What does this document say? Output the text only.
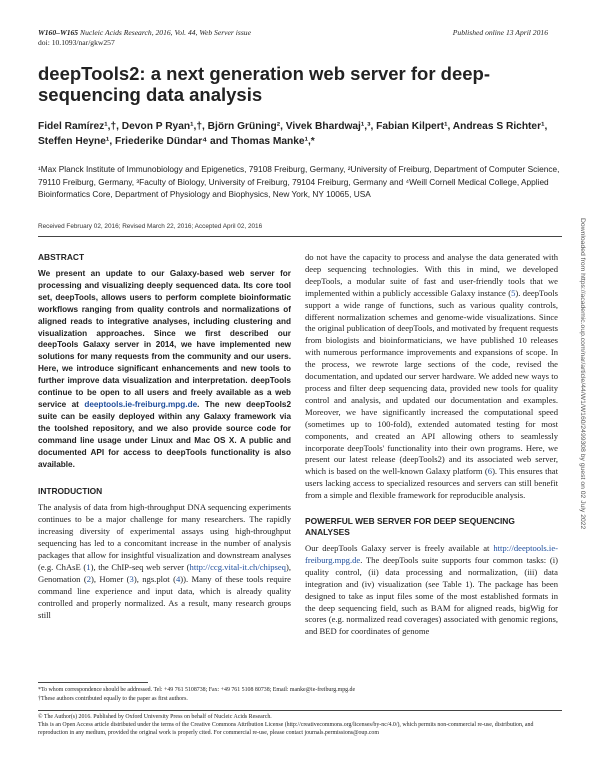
W160–W165 Nucleic Acids Research, 2016, Vol. 44, Web Server issue
doi: 10.1093/nar/gkw257
Published online 13 April 2016
deepTools2: a next generation web server for deep-sequencing data analysis
Fidel Ramírez¹,†, Devon P Ryan¹,†, Björn Grüning², Vivek Bhardwaj¹,³, Fabian Kilpert¹, Andreas S Richter¹, Steffen Heyne¹, Friederike Dündar⁴ and Thomas Manke¹,*
¹Max Planck Institute of Immunobiology and Epigenetics, 79108 Freiburg, Germany, ²University of Freiburg, Department of Computer Science, 79110 Freiburg, Germany, ³Faculty of Biology, University of Freiburg, 79104 Freiburg, Germany and ⁴Weill Cornell Medical College, Applied Bioinformatics Core, Department of Physiology and Biophysics, New York, NY 10065, USA
Received February 02, 2016; Revised March 22, 2016; Accepted April 02, 2016	Downloaded from https://academic.oup.com/nar/article/44/W1/W160/2499308 by guest on 02 July 2022
ABSTRACT

We present an update to our Galaxy-based web server for processing and visualizing deeply sequenced data. Its core tool set, deepTools, allows users to perform complete bioinformatic workflows ranging from quality controls and normalizations of aligned reads to integrative analyses, including clustering and visualization approaches. Since we first described our deepTools Galaxy server in 2014, we have implemented new solutions for many requests from the community and our users. Here, we introduce significant enhancements and new tools to further improve data visualization and interpretation. deepTools continue to be open to all users and freely available as a web service at deeptools.ie-freiburg.mpg.de. The new deepTools2 suite can be easily deployed within any Galaxy framework via the toolshed repository, and we also provide source code for command line usage under Linux and Mac OS X. A public and documented API for access to deepTools functionality is also available.

INTRODUCTION

The analysis of data from high-throughput DNA sequencing experiments continues to be a major challenge for many researchers. The rapidly increasing diversity of experimental assays using high-throughput sequencing has led to a concomitant increase in the number of analysis packages that allow for insightful visualization and downstream analyses (e.g. ChAsE (1), the ChIP-seq web server (http://ccg.vital-it.ch/chipseq), Genomation (2), Homer (3), ngs.plot (4)). Many of these tools require command line experience and input data, which is already quality controlled and properly normalized. As a result, many research groups still

do not have the capacity to process and analyse the data generated with deep sequencing technologies. With this in mind, we developed deepTools, a modular suite of fast and user-friendly tools that we implemented within a publicly accessible Galaxy instance (5). deepTools support a wide range of functions, such as various quality controls, different normalization schemes and genome-wide visualizations. Since the original publication of deepTools, and motivated by frequent requests from biologists and bioinformaticians, we have published 10 releases with numerous performance improvements and expansions of scope. In the process, we rewrote large sections of the code, revised the documentation, and updated our server hardware. We added new ways to process and filter deep sequencing data, provided new tools for quality control and analysis, and updated our documentation and examples. Moreover, we have significantly increased the computational speed (sometimes up to 100-fold), extended automated testing for most components, and created an API allowing others to seamlessly incorporate deepTools' functionality into their own programs. Here, we present our latest release (deepTools2) and its associated web server, which is based on the well-known Galaxy platform (6). This ensures that users lacking access to specialized resources and servers can still benefit from a simple and flexible framework for reproducible analysis.

POWERFUL WEB SERVER FOR DEEP SEQUENCING ANALYSES

Our deepTools Galaxy server is freely available at http://deeptools.ie-freiburg.mpg.de. The deepTools suite supports four common tasks: (i) quality control, (ii) data processing and normalization, (iii) data integration and (iv) visualization (see Table 1). The package has been designed to take as input files some of the most established formats in the deep sequencing field, such as BAM for aligned reads, bigWig for scores (e.g. normalized read coverages) associated with genomic regions, and BED for coordinates of genome

*To whom correspondence should be addressed. Tel: +49 761 5108738; Fax: +49 761 5108 80738; Email: manke@ie-freiburg.mpg.de

†These authors contributed equally to the paper as first authors.

© The Author(s) 2016. Published by Oxford University Press on behalf of Nucleic Acids Research.

This is an Open Access article distributed under the terms of the Creative Commons Attribution License (http://creativecommons.org/licenses/by-nc/4.0/), which permits non-commercial re-use, distribution, and reproduction in any medium, provided the original work is properly cited. For commercial re-use, please contact journals.permissions@oup.com
